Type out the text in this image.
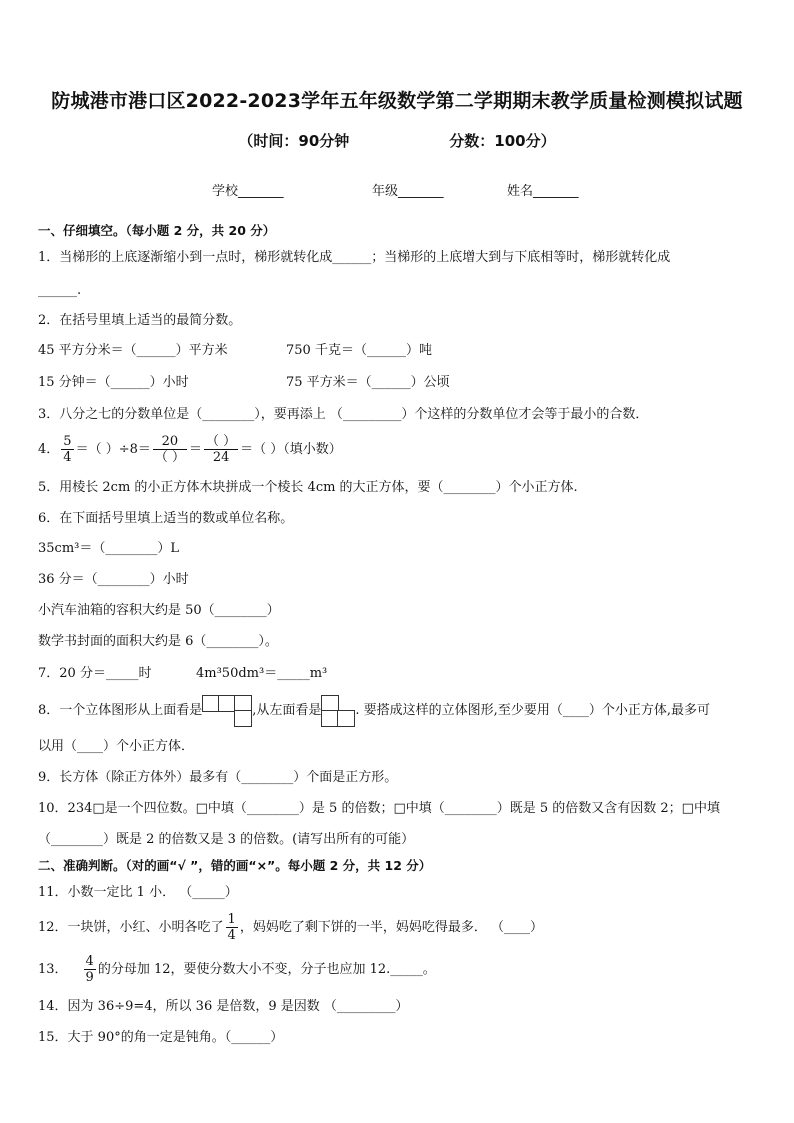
防城港市港口区2022-2023学年五年级数学第二学期期末教学质量检测模拟试题
（时间：90分钟	分数：100分）
学校_______	年级_______	姓名_______
一、仔细填空。（每小题 2 分，共 20 分）
1．当梯形的上底逐渐缩小到一点时，梯形就转化成______；当梯形的上底增大到与下底相等时，梯形就转化成
______.
2．在括号里填上适当的最简分数。
45 平方分米＝（______）平方米	750 千克＝（______）吨
15 分钟＝（______）小时	75 平方米＝（______）公顷
3．八分之七的分数单位是（________），要再添上 （_________）个这样的分数单位才会等于最小的合数．
4． $\frac{5}{4}$ ＝（ ）$\div 8= \frac{20}{( )} = \frac{( )}{24}$ ＝（ ）（填小数）
5．用棱长 2cm 的小正方体木块拼成一个棱长 4cm 的大正方体，要（________）个小正方体.
6．在下面括号里填上适当的数或单位名称。
35cm³＝（________）L
36 分＝（________）小时
小汽车油箱的容积大约是 50（________）
数学书封面的面积大约是 6（________）。
7．20 分＝_____时	4m³50dm³＝_____m³
8．一个立体图形从上面看是	,从左面看是	. 要搭成这样的立体图形,至少要用（____）个小正方体,最多可
以用（____）个小正方体．
9．长方体（除正方体外）最多有（________）个面是正方形。
10．234□是一个四位数。□中填（________）是 5 的倍数；□中填（________）既是 5 的倍数又含有因数 2；□中填
（________）既是 2 的倍数又是 3 的倍数。(请写出所有的可能）
二、准确判断。（对的画“√ ”，错的画“×”。每小题 2 分，共 12 分）
11．小数一定比 1 小． （_____）
12．一块饼，小红、小明各吃了 $\frac{1}{4}$ ，妈妈吃了剩下饼的一半，妈妈吃得最多． （____）
13． $\frac{4}{9}$ 的分母加 12，要使分数大小不变，分子也应加 12._____。
14．因为 36÷9=4，所以 36 是倍数，9 是因数 （_________）
15．大于 90°的角一定是钝角。（______）
